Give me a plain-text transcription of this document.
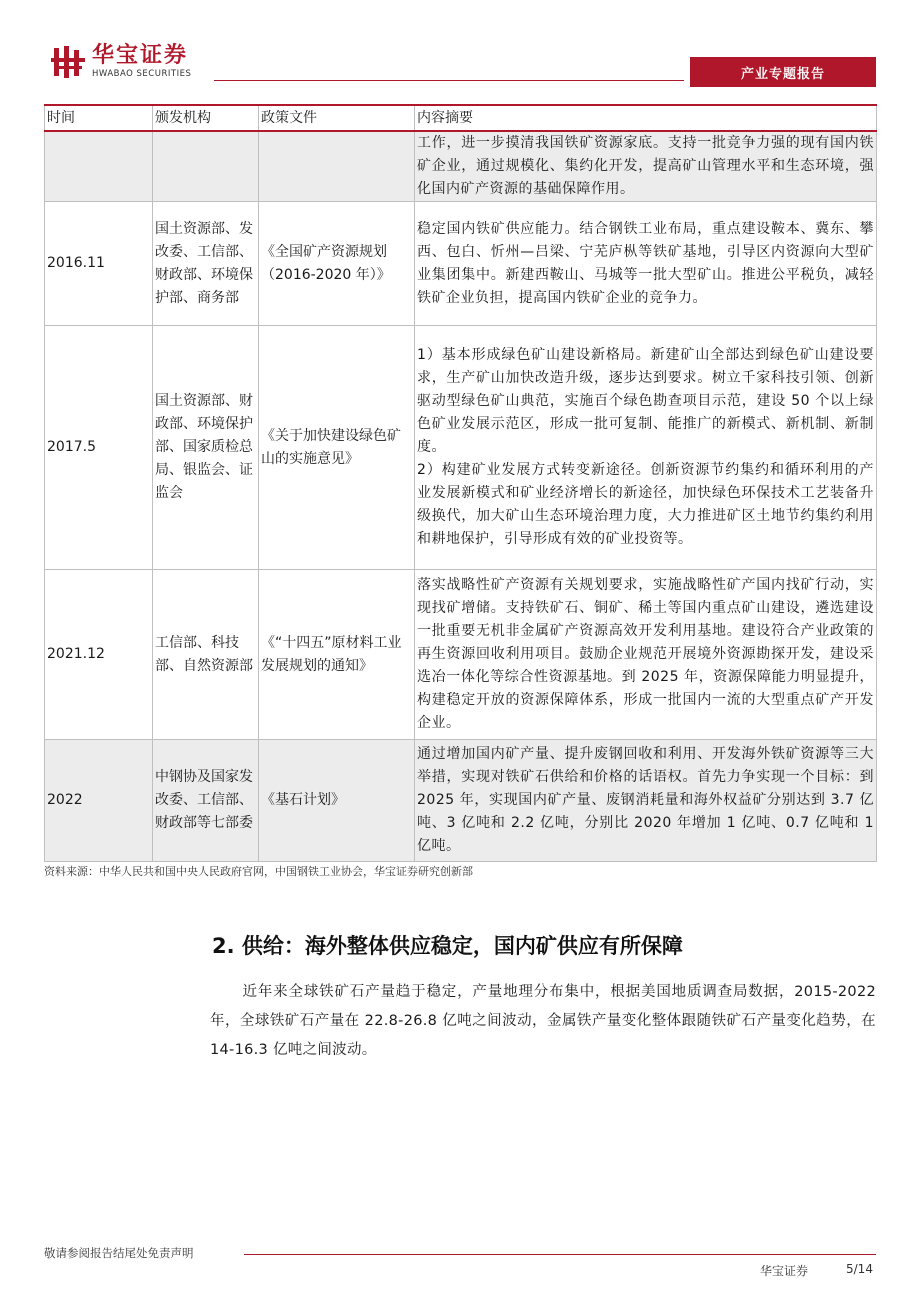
华宝证券
HWABAO SECURITIES	产业专题报告
时间	颁发机构	政策文件	内容摘要
			工作，进一步摸清我国铁矿资源家底。支持一批竞争力强的现有国内铁矿企业，通过规模化、集约化开发，提高矿山管理水平和生态环境，强化国内矿产资源的基础保障作用。
2016.11	国土资源部、发改委、工信部、财政部、环境保护部、商务部	《全国矿产资源规划（2016-2020 年）》	稳定国内铁矿供应能力。结合钢铁工业布局，重点建设鞍本、冀东、攀西、包白、忻州—吕梁、宁芜庐枞等铁矿基地，引导区内资源向大型矿业集团集中。新建西鞍山、马城等一批大型矿山。推进公平税负，减轻铁矿企业负担，提高国内铁矿企业的竞争力。
2017.5	国土资源部、财政部、环境保护部、国家质检总局、银监会、证监会	《关于加快建设绿色矿山的实施意见》	1）基本形成绿色矿山建设新格局。新建矿山全部达到绿色矿山建设要求，生产矿山加快改造升级，逐步达到要求。树立千家科技引领、创新驱动型绿色矿山典范，实施百个绿色勘查项目示范，建设 50 个以上绿色矿业发展示范区，形成一批可复制、能推广的新模式、新机制、新制度。
2）构建矿业发展方式转变新途径。创新资源节约集约和循环利用的产业发展新模式和矿业经济增长的新途径，加快绿色环保技术工艺装备升级换代，加大矿山生态环境治理力度，大力推进矿区土地节约集约利用和耕地保护，引导形成有效的矿业投资等。

2021.12	工信部、科技部、自然资源部	《“十四五”原材料工业发展规划的通知》	落实战略性矿产资源有关规划要求，实施战略性矿产国内找矿行动，实现找矿增储。支持铁矿石、铜矿、稀土等国内重点矿山建设，遴选建设一批重要无机非金属矿产资源高效开发利用基地。建设符合产业政策的再生资源回收利用项目。鼓励企业规范开展境外资源勘探开发，建设采选冶一体化等综合性资源基地。到 2025 年，资源保障能力明显提升，构建稳定开放的资源保障体系，形成一批国内一流的大型重点矿产开发企业。
2022	中钢协及国家发改委、工信部、财政部等七部委	《基石计划》	通过增加国内矿产量、提升废钢回收和利用、开发海外铁矿资源等三大举措，实现对铁矿石供给和价格的话语权。首先力争实现一个目标：到 2025 年，实现国内矿产量、废钢消耗量和海外权益矿分别达到 3.7 亿吨、3 亿吨和 2.2 亿吨，分别比 2020 年增加 1 亿吨、0.7 亿吨和 1 亿吨。
资料来源：中华人民共和国中央人民政府官网，中国钢铁工业协会，华宝证券研究创新部
2. 供给：海外整体供应稳定，国内矿供应有所保障
近年来全球铁矿石产量趋于稳定，产量地理分布集中，根据美国地质调查局数据，2015-2022 年，全球铁矿石产量在 22.8-26.8 亿吨之间波动，金属铁产量变化整体跟随铁矿石产量变化趋势，在 14-16.3 亿吨之间波动。
敬请参阅报告结尾处免责声明
华宝证券	5/14
